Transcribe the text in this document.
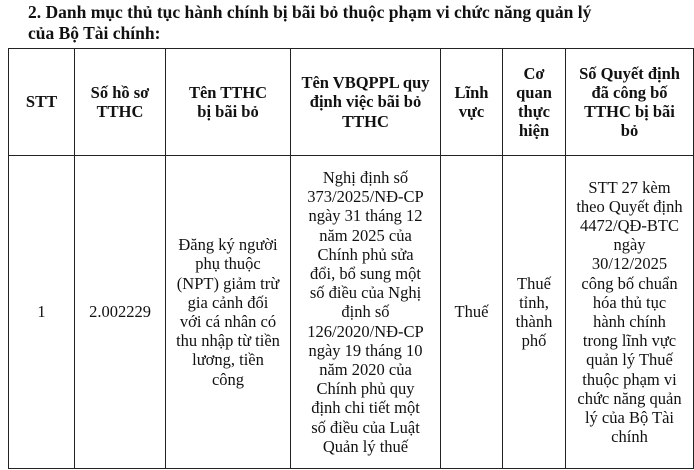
2. Danh mục thủ tục hành chính bị bãi bỏ thuộc phạm vi chức năng quản lý
của Bộ Tài chính:
STT	Số hồ sơ TTHC	Tên TTHC bị bãi bỏ	Tên VBQPPL quy định việc bãi bỏ TTHC	Lĩnh vực	Cơ quan thực hiện	Số Quyết định đã công bố TTHC bị bãi bỏ
1	2.002229	Đăng ký người phụ thuộc (NPT) giảm trừ gia cảnh đối với cá nhân có thu nhập từ tiền lương, tiền công	Nghị định số 373/2025/NĐ-CP ngày 31 tháng 12 năm 2025 của Chính phủ sửa đổi, bổ sung một số điều của Nghị định số 126/2020/NĐ-CP ngày 19 tháng 10 năm 2020 của Chính phủ quy định chi tiết một số điều của Luật Quản lý thuế	Thuế	Thuế tỉnh, thành phố	STT 27 kèm theo Quyết định 4472/QĐ-BTC ngày 30/12/2025 công bố chuẩn hóa thủ tục hành chính trong lĩnh vực quản lý Thuế thuộc phạm vi chức năng quản lý của Bộ Tài chính
